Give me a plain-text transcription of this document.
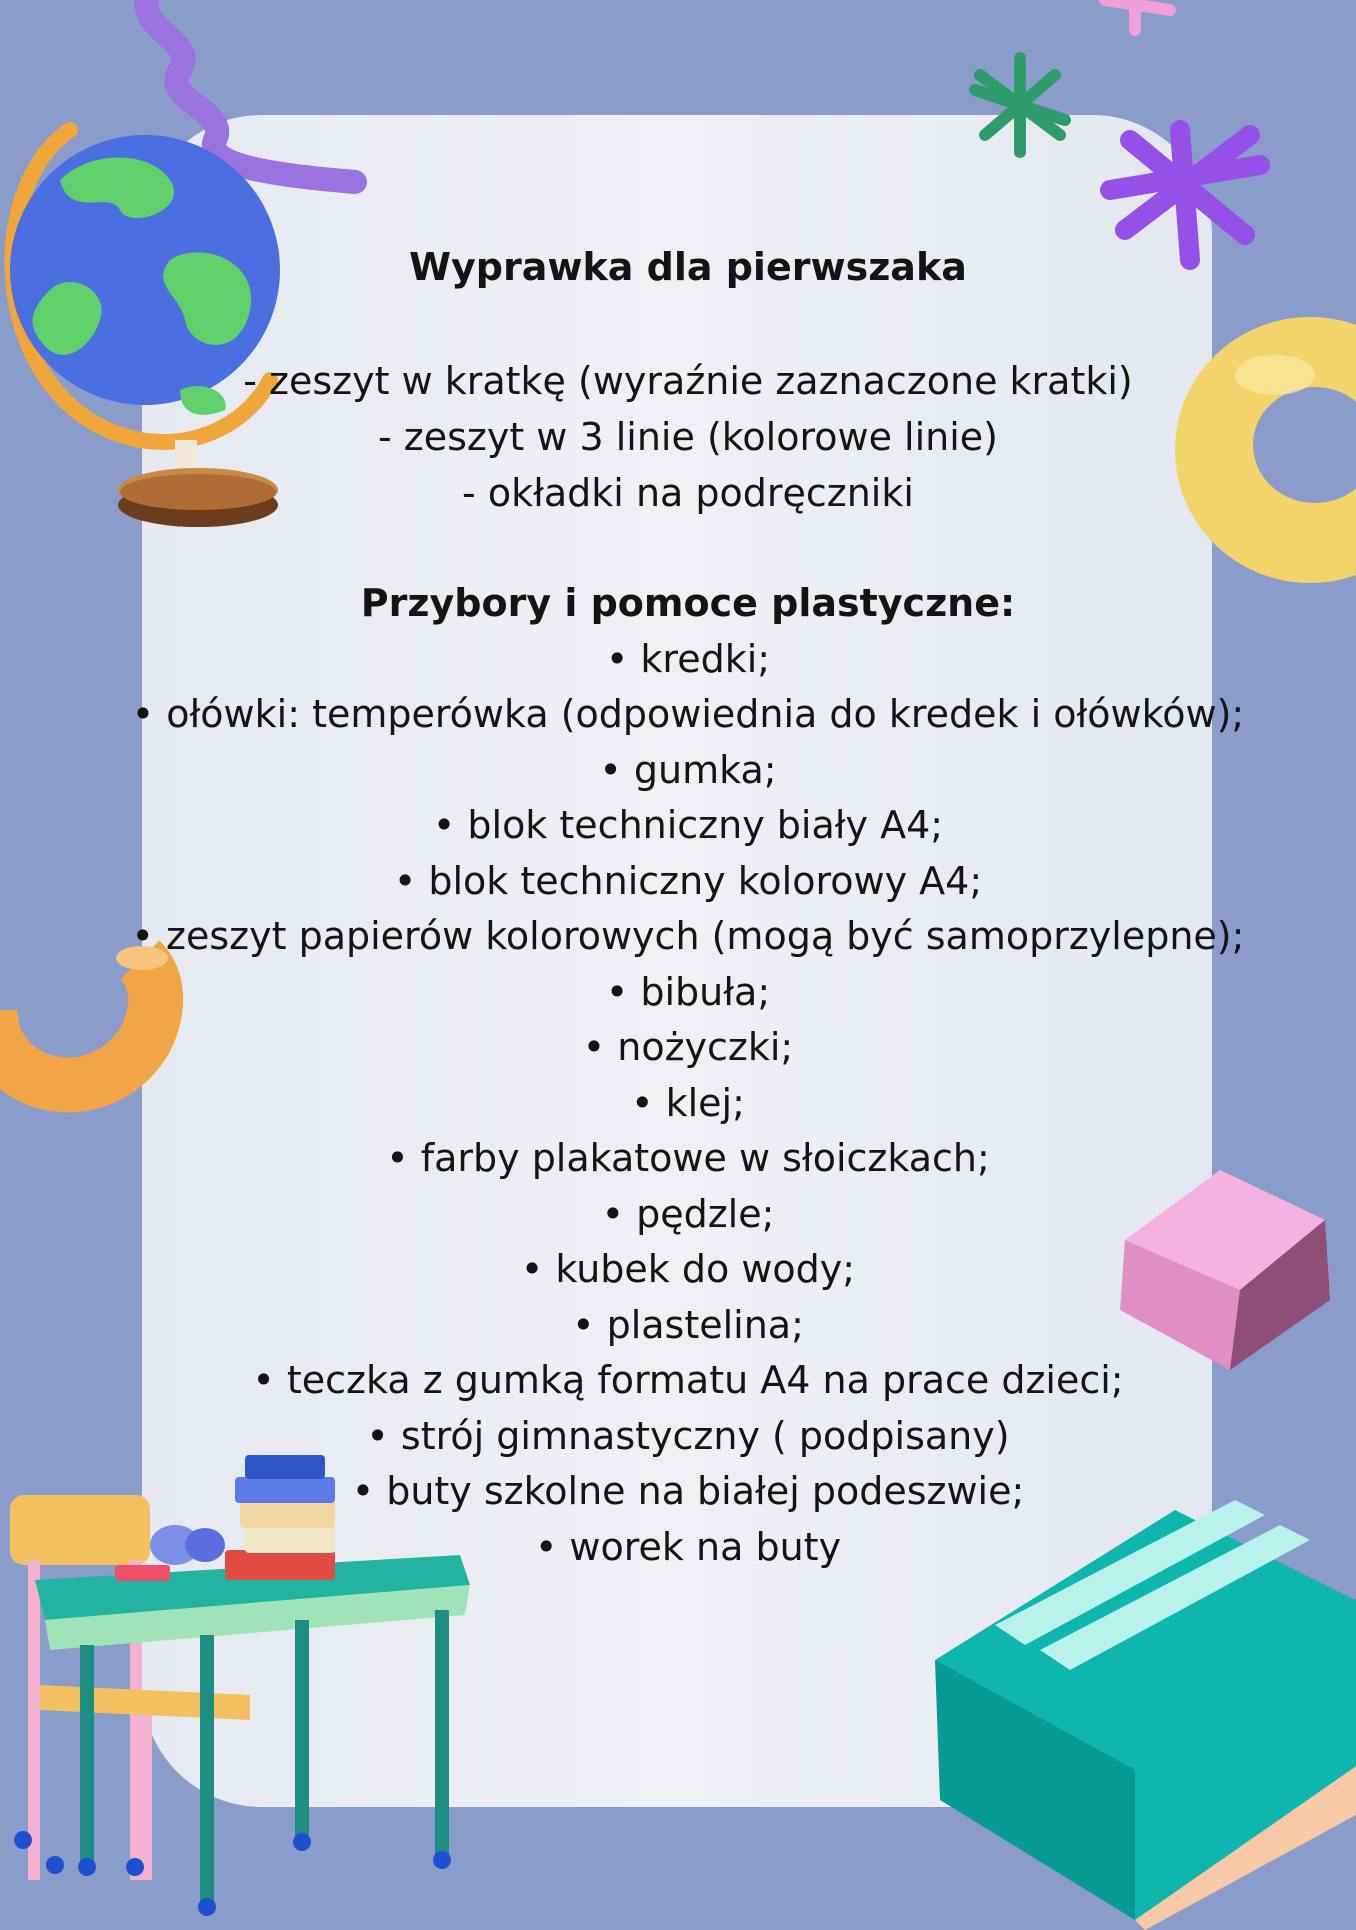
Wyprawka dla pierwszaka
- zeszyt w kratkę (wyraźnie zaznaczone kratki)
- zeszyt w 3 linie (kolorowe linie)
- okładki na podręczniki
Przybory i pomoce plastyczne:
• kredki;
• ołówki: temperówka (odpowiednia do kredek i ołówków);
• gumka;
• blok techniczny biały A4;
• blok techniczny kolorowy A4;
• zeszyt papierów kolorowych (mogą być samoprzylepne);
• bibuła;
• nożyczki;
• klej;
• farby plakatowe w słoiczkach;
• pędzle;
• kubek do wody;
• plastelina;
• teczka z gumką formatu A4 na prace dzieci;
• strój gimnastyczny ( podpisany)
• buty szkolne na białej podeszwie;
• worek na buty
